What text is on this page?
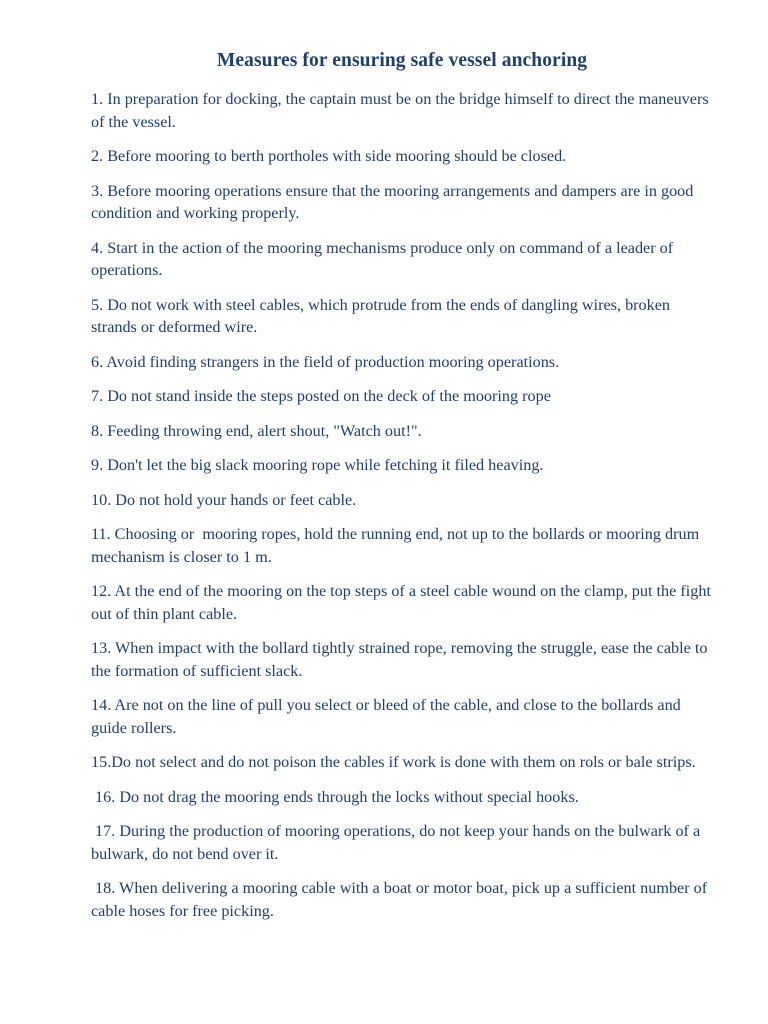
Measures for ensuring safe vessel anchoring

1. In preparation for docking, the captain must be on the bridge himself to direct the maneuvers of the vessel.

2. Before mooring to berth portholes with side mooring should be closed.

3. Before mooring operations ensure that the mooring arrangements and dampers are in good condition and working properly.

4. Start in the action of the mooring mechanisms produce only on command of a leader of operations.

5. Do not work with steel cables, which protrude from the ends of dangling wires, broken strands or deformed wire.

6. Avoid finding strangers in the field of production mooring operations.

7. Do not stand inside the steps posted on the deck of the mooring rope

8. Feeding throwing end, alert shout, "Watch out!".

9. Don't let the big slack mooring rope while fetching it filed heaving.

10. Do not hold your hands or feet cable.

11. Choosing or  mooring ropes, hold the running end, not up to the bollards or mooring drum mechanism is closer to 1 m.

12. At the end of the mooring on the top steps of a steel cable wound on the clamp, put the fight out of thin plant cable.

13. When impact with the bollard tightly strained rope, removing the struggle, ease the cable to the formation of sufficient slack.

14. Are not on the line of pull you select or bleed of the cable, and close to the bollards and guide rollers.

15.Do not select and do not poison the cables if work is done with them on rols or bale strips.

16. Do not drag the mooring ends through the locks without special hooks.

17. During the production of mooring operations, do not keep your hands on the bulwark of a bulwark, do not bend over it.

18. When delivering a mooring cable with a boat or motor boat, pick up a sufficient number of cable hoses for free picking.
